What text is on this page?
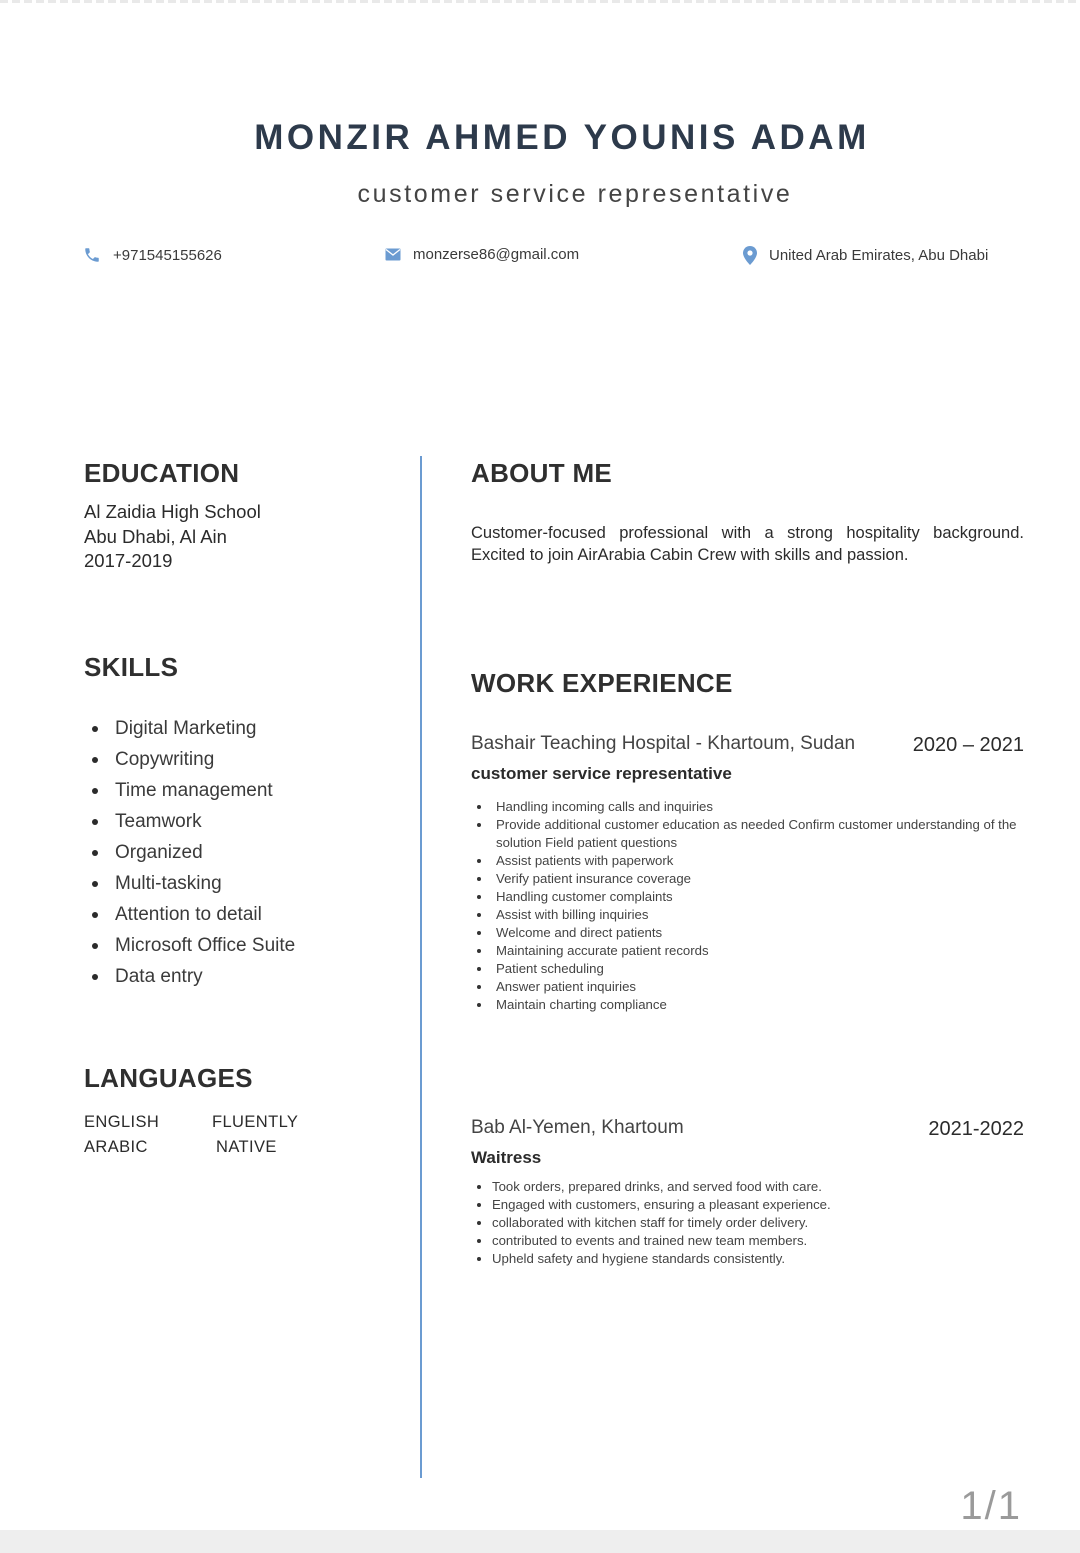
MONZIR AHMED YOUNIS ADAM
customer service representative
+971545155626	monzerse86@gmail.com	United Arab Emirates, Abu Dhabi
EDUCATION
Al Zaidia High School
Abu Dhabi, Al Ain
2017-2019
SKILLS
Digital Marketing
Copywriting
Time management
Teamwork
Organized
Multi-tasking
Attention to detail
Microsoft Office Suite
Data entry
LANGUAGES
ENGLISH	FLUENTLY
ARABIC	NATIVE
ABOUT ME
Customer-focused professional with a strong hospitality background. Excited to join AirArabia Cabin Crew with skills and passion.
WORK EXPERIENCE
Bashair Teaching Hospital - Khartoum, Sudan	2020 – 2021
customer service representative
Handling incoming calls and inquiries
Provide additional customer education as needed Confirm customer understanding of the solution Field patient questions
Assist patients with paperwork
Verify patient insurance coverage
Handling customer complaints
Assist with billing inquiries
Welcome and direct patients
Maintaining accurate patient records
Patient scheduling
Answer patient inquiries
Maintain charting compliance
Bab Al-Yemen, Khartoum	2021-2022
Waitress
Took orders, prepared drinks, and served food with care.
Engaged with customers, ensuring a pleasant experience.
collaborated with kitchen staff for timely order delivery.
contributed to events and trained new team members.
Upheld safety and hygiene standards consistently.
1/1
